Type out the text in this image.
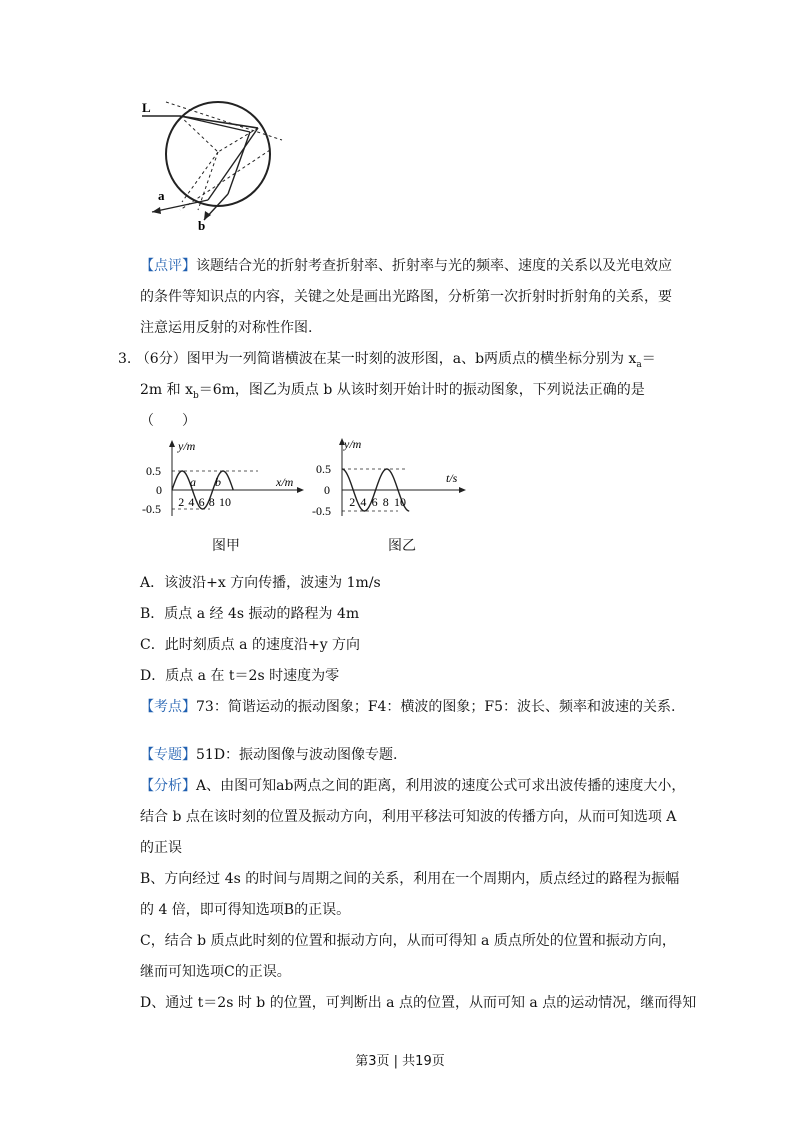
L
a
b
【点评】该题结合光的折射考查折射率、折射率与光的频率、速度的关系以及光电效应
的条件等知识点的内容，关键之处是画出光路图，分析第一次折射时折射角的关系，要
注意运用反射的对称性作图.
3. （6分）图甲为一列简谐横波在某一时刻的波形图，a、b两质点的横坐标分别为 $x_a=$
2m 和 $x_b=6m$，图乙为质点 b 从该时刻开始计时的振动图象，下列说法正确的是
（　　）
2 4 6 8 10
y/m
x/m
0.5
0
-0.5
a b
图甲
2 4 6 8 10
y/m
t/s
0.5
0
-0.5
图乙
A．该波沿+x 方向传播，波速为 1m/s
B．质点 a 经 4s 振动的路程为 4m
C．此时刻质点 a 的速度沿+y 方向
D．质点 a 在 t＝2s 时速度为零
【考点】73：简谐运动的振动图象；F4：横波的图象；F5：波长、频率和波速的关系.
【专题】51D：振动图像与波动图像专题.
【分析】A、由图可知ab两点之间的距离，利用波的速度公式可求出波传播的速度大小，
结合 b 点在该时刻的位置及振动方向，利用平移法可知波的传播方向，从而可知选项 A
的正误
B、方向经过 4s 的时间与周期之间的关系，利用在一个周期内，质点经过的路程为振幅
的 4 倍，即可得知选项B的正误。
C，结合 b 质点此时刻的位置和振动方向，从而可得知 a 质点所处的位置和振动方向，
继而可知选项C的正误。
D、通过 t＝2s 时 b 的位置，可判断出 a 点的位置，从而可知 a 点的运动情况，继而得知
第3页 | 共19页
